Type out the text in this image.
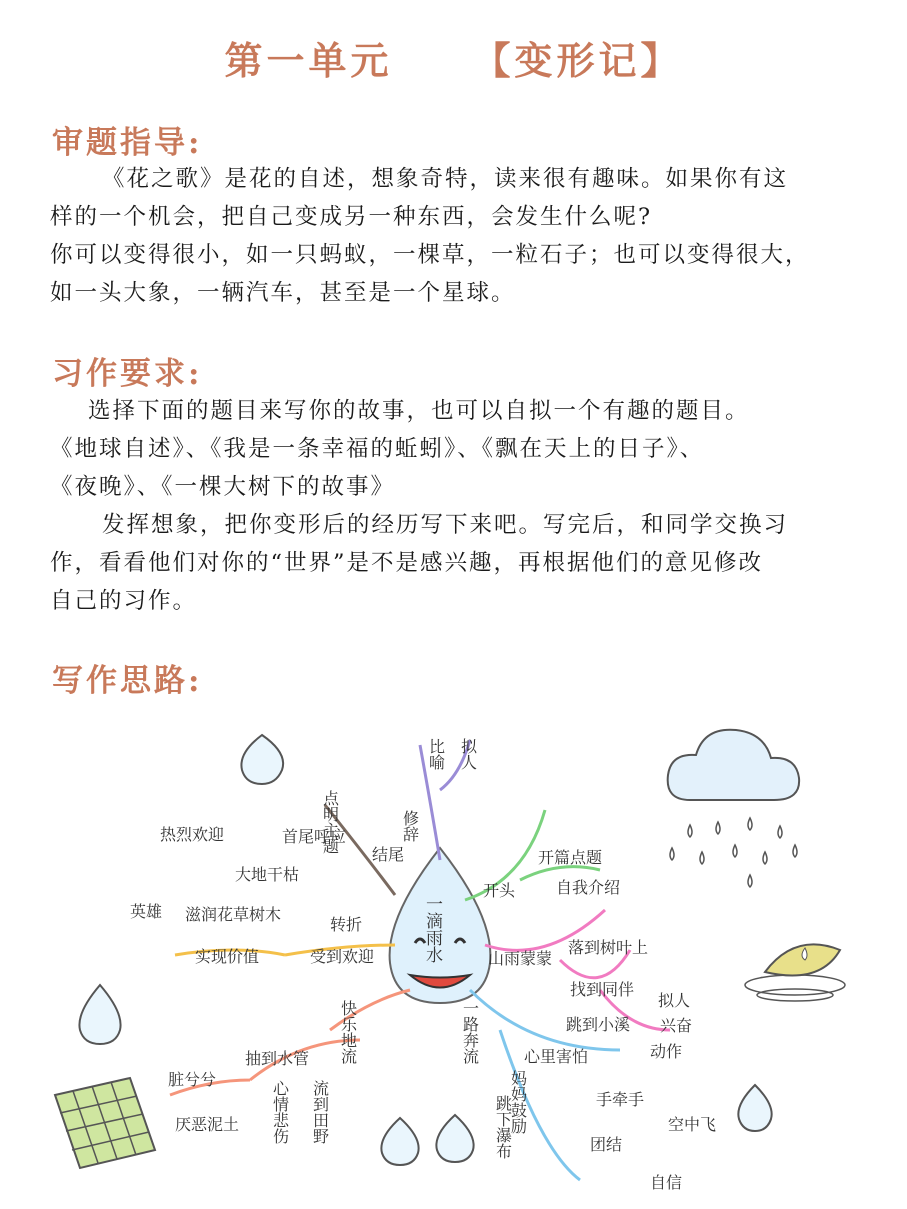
第一单元 【变形记】
审题指导:
《花之歌》是花的自述，想象奇特，读来很有趣味。如果你有这
样的一个机会，把自己变成另一种东西，会发生什么呢?
你可以变得很小，如一只蚂蚁，一棵草，一粒石子；也可以变得很大，
如一头大象，一辆汽车，甚至是一个星球。
习作要求:
选择下面的题目来写你的故事，也可以自拟一个有趣的题目。
《地球自述》、《我是一条幸福的蚯蚓》、《飘在天上的日子》、
《夜晚》、《一棵大树下的故事》
发挥想象，把你变形后的经历写下来吧。写完后，和同学交换习
作，看看他们对你的“世界”是不是感兴趣，再根据他们的意见修改
自己的习作。
写作思路:
一滴雨水
修辞
比喻 拟人
开头
开篇点题
自我介绍
山雨蒙蒙
落到树叶上
找到同伴
跳到小溪
拟人
兴奋
动作
一路奔流	心里害怕
手牵手
空中飞
妈妈鼓励
团结
跳下瀑布
自信
快乐地流
抽到水管
心情悲伤 流到田野
脏兮兮
厌恶泥土
转折
大地干枯
热烈欢迎
英雄 滋润花草树木
实现价值	受到欢迎
结尾
首尾呼应
点明主题
